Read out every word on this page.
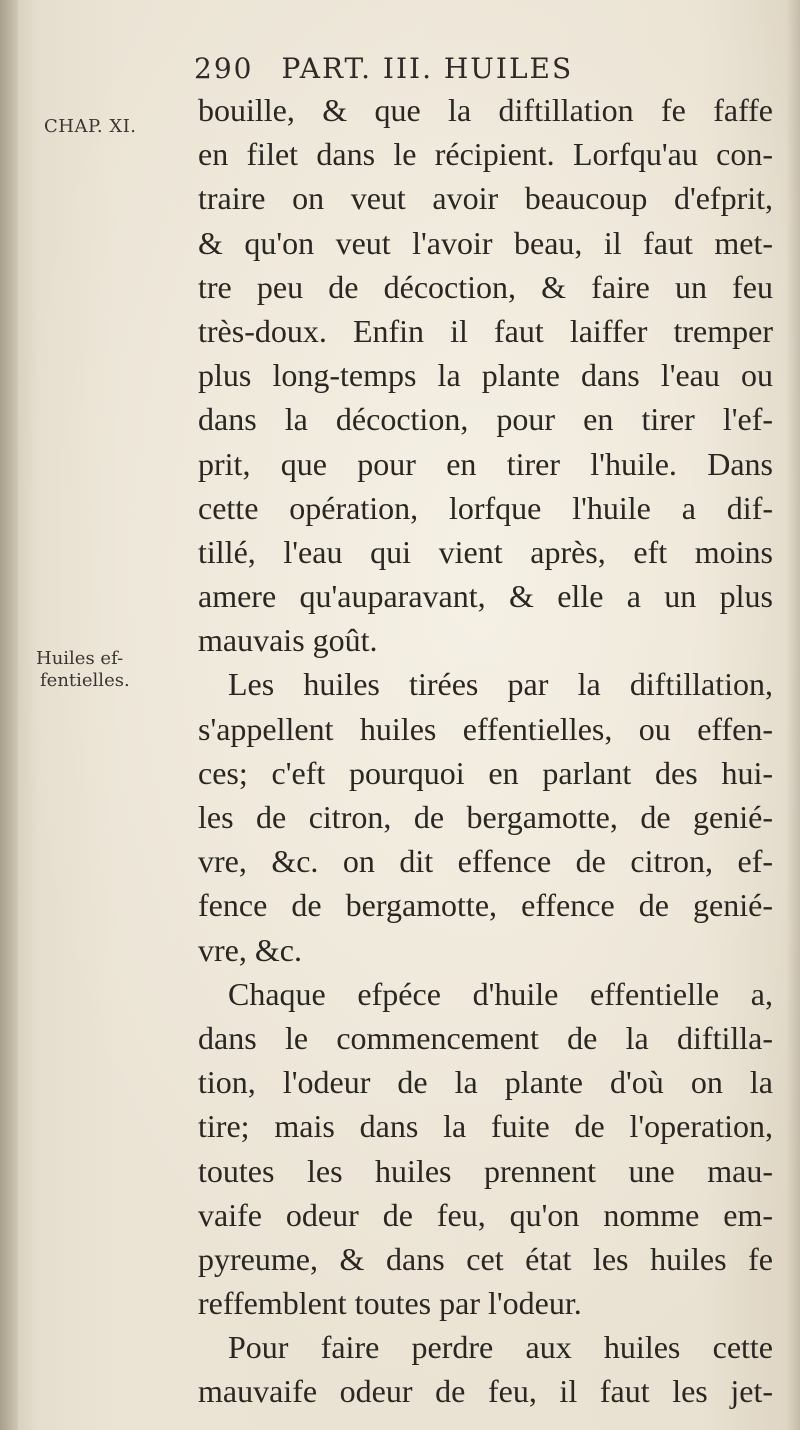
290 PART. III. HUILES
CHAP. XI.
Huiles ef-
fentielles.
bouille, & que la diftillation fe faffe
en filet dans le récipient. Lorfqu'au con-
traire on veut avoir beaucoup d'efprit,
& qu'on veut l'avoir beau, il faut met-
tre peu de décoction, & faire un feu
très-doux. Enfin il faut laiffer tremper
plus long-temps la plante dans l'eau ou
dans la décoction, pour en tirer l'ef-
prit, que pour en tirer l'huile. Dans
cette opération, lorfque l'huile a dif-
tillé, l'eau qui vient après, eft moins
amere qu'auparavant, & elle a un plus
mauvais goût.
Les huiles tirées par la diftillation,
s'appellent huiles effentielles, ou effen-
ces; c'eft pourquoi en parlant des hui-
les de citron, de bergamotte, de genié-
vre, &c. on dit effence de citron, ef-
fence de bergamotte, effence de genié-
vre, &c.
Chaque efpéce d'huile effentielle a,
dans le commencement de la diftilla-
tion, l'odeur de la plante d'où on la
tire; mais dans la fuite de l'operation,
toutes les huiles prennent une mau-
vaife odeur de feu, qu'on nomme em-
pyreume, & dans cet état les huiles fe
reffemblent toutes par l'odeur.
Pour faire perdre aux huiles cette
mauvaife odeur de feu, il faut les jet-
